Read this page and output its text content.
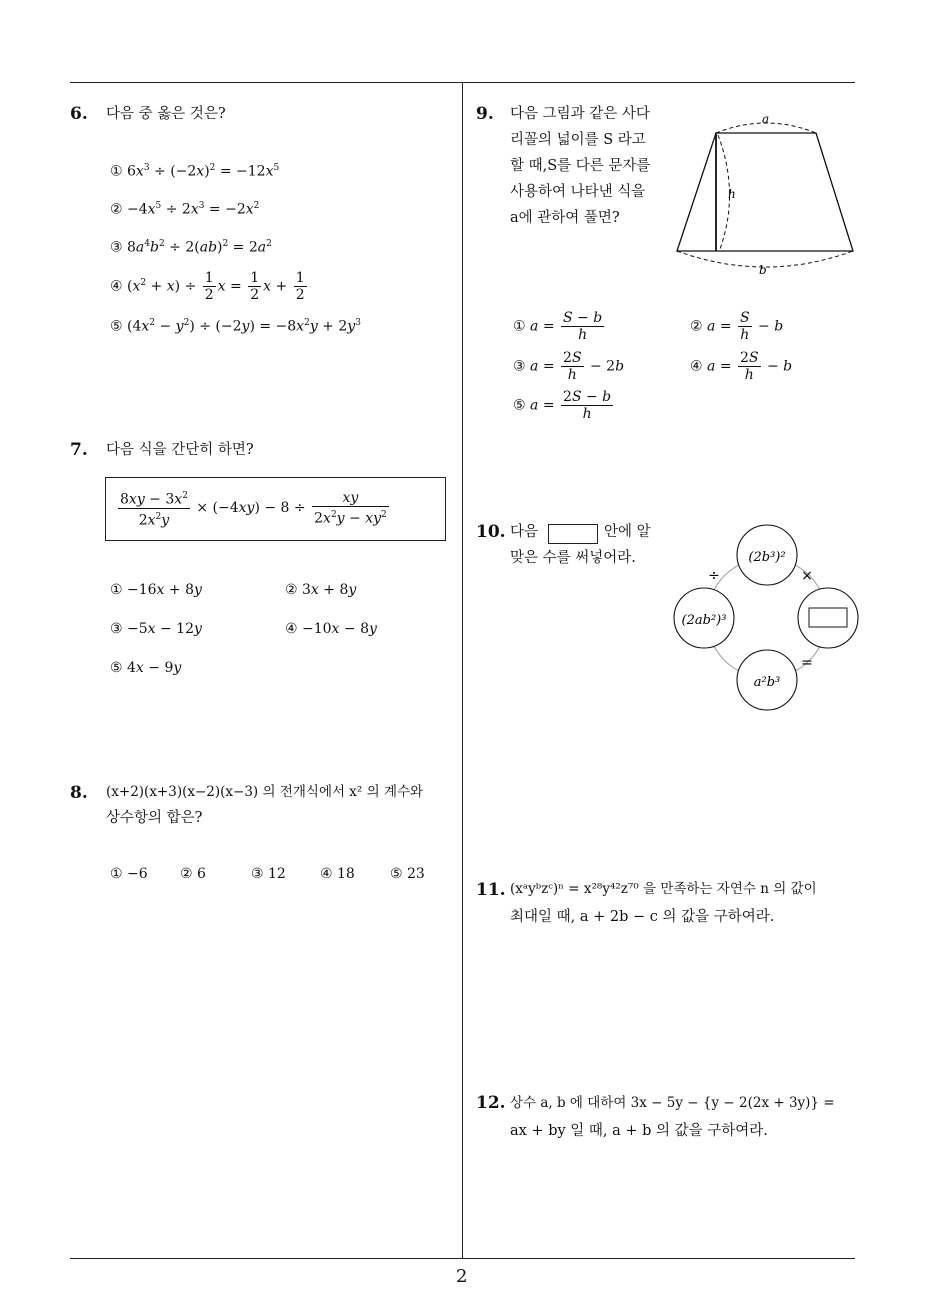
6. 다음 중 옳은 것은?
① $6x^3 \div (-2x)^2 = -12x^5$
② $-4x^5 \div 2x^3 = -2x^2$
③ $8a^4b^2 \div 2(ab)^2 = 2a^2$
④ $(x^2 + x) \div \frac{1}{2}$ $x = \frac{1}{2}$ $x + \frac{1}{2}$
⑤ $(4x^2 - y^2) \div (-2y) = -8x^2y + 2y^3$
7. 다음 식을 간단히 하면?
$\frac{8xy - 3x^2}{2x^2y} \times (-4xy) - 8 \div \frac{xy}{2x^2y - xy^2}$
① −16x + 8y	② 3x + 8y
③ −5x − 12y	④ −10x − 8y
⑤ 4x − 9y
8. (x+2)(x+3)(x−2)(x−3) 의 전개식에서 x² 의 계수와
상수항의 합은?
① −6 ② 6	③ 12 ④ 18	⑤ 23
9. 다음 그림과 같은 사다
리꼴의 넓이를 S 라고
할 때,S를 다른 문자를
사용하여 나타낸 식을
a에 관하여 풀면?
a
h
b
① $a = \frac{S - b}{h}$	② $a = \frac{S}{h} - b$
③ $a = \frac{2S}{h} - 2b$	④ $a = \frac{2S}{h} - b$
⑤ $a = \frac{2S - b}{h}$
10. 다음	안에 알
맞은 수를 써넣어라.	(2b³)²
(2ab²)³
a²b³
÷	×
=
11. (xᵃyᵇzᶜ)ⁿ = x²⁸y⁴²z⁷⁰ 을 만족하는 자연수 n 의 값이
최대일 때, a + 2b − c 의 값을 구하여라.
12. 상수 a, b 에 대하여 3x − 5y − {y − 2(2x + 3y)} =
ax + by 일 때, a + b 의 값을 구하여라.
2
